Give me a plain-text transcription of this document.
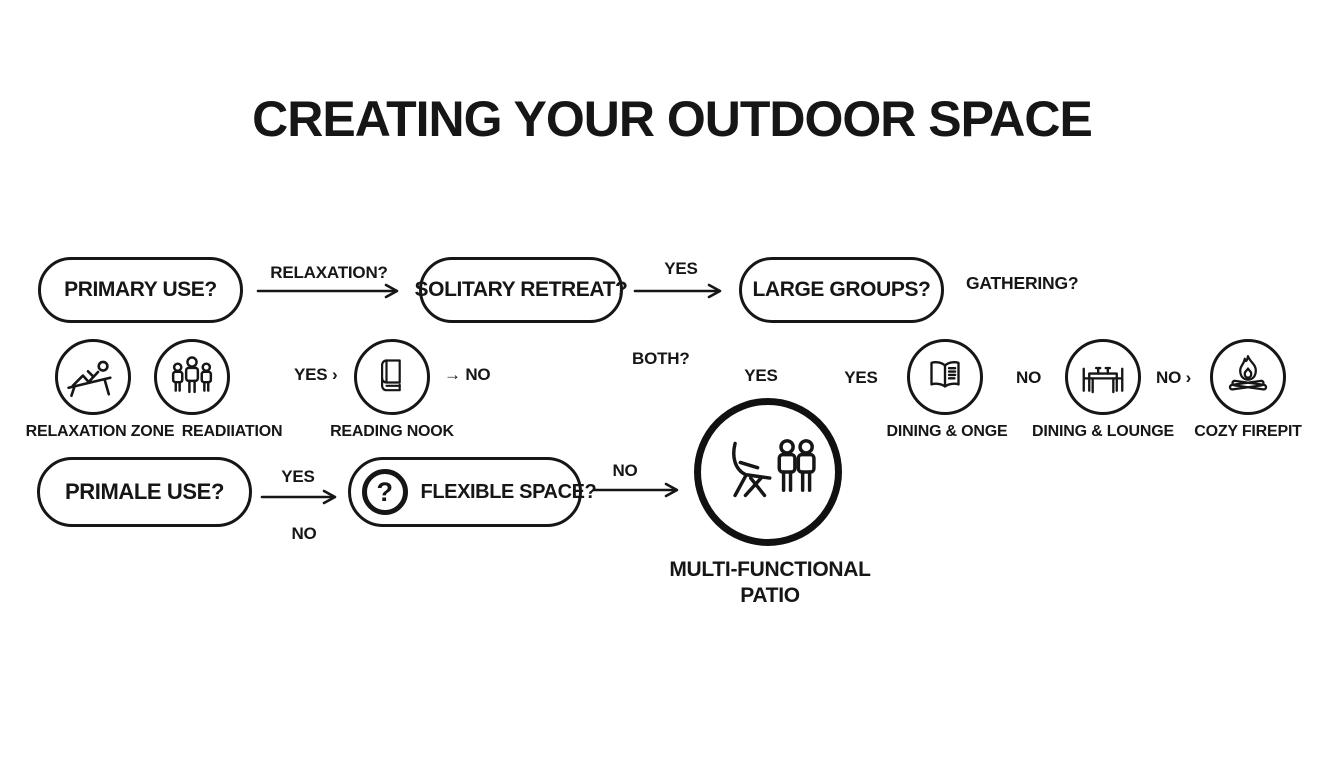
CREATING YOUR OUTDOOR SPACE
PRIMARY USE?
RELAXATION?
SOLITARY RETREAT?
YES
LARGE GROUPS? GATHERING?
RELAXATION ZONE READIIATION
YES ›
READING NOOK
→ NO
BOTH?
YES	YES
DINING & ONGE
NO
DINING & LOUNGE
NO ›
COZY FIREPIT
PRIMALE USE?
YES
NO
? FLEXIBLE SPACE?
NO
MULTI-FUNCTIONAL
PATIO
